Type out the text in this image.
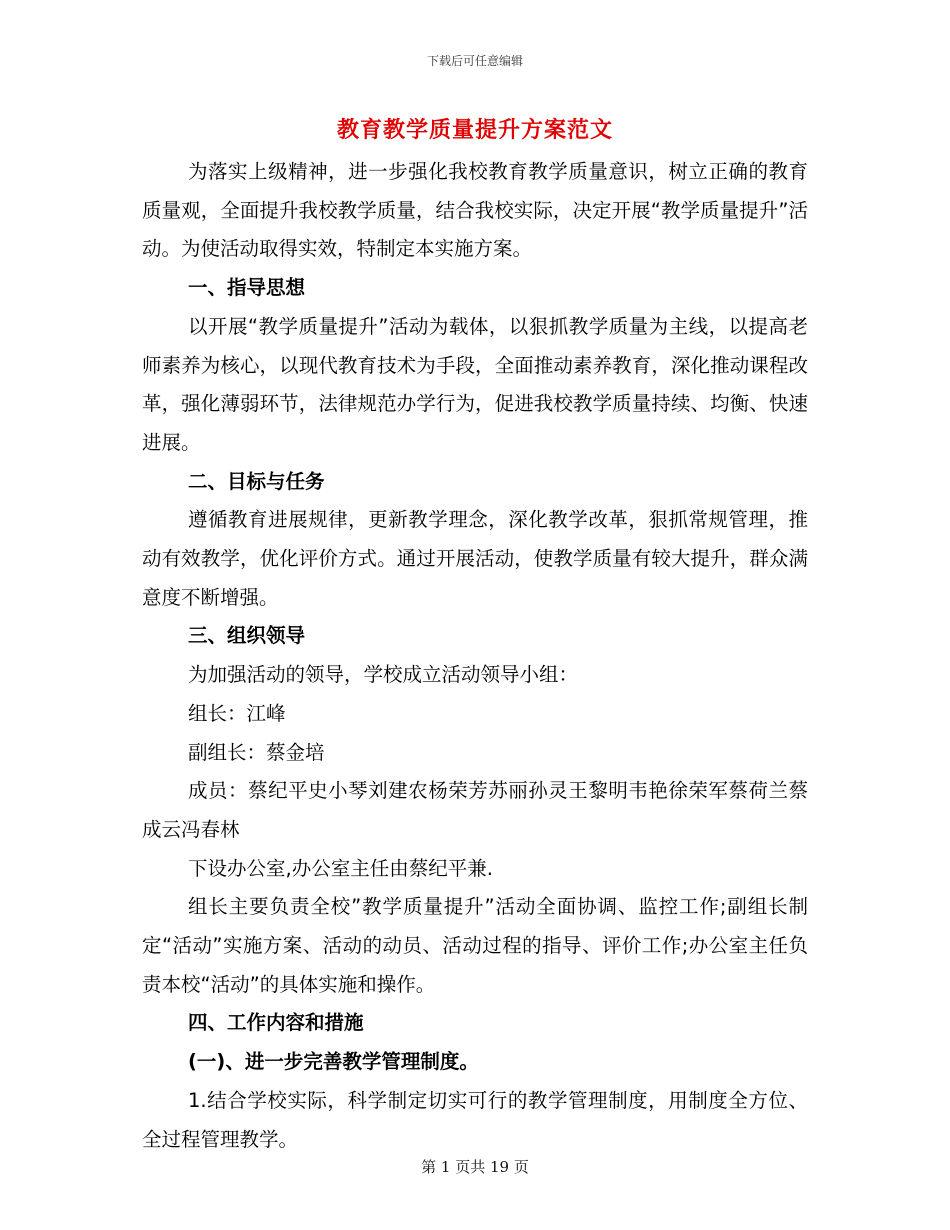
下载后可任意编辑
教育教学质量提升方案范文

为落实上级精神，进一步强化我校教育教学质量意识，树立正确的教育质量观，全面提升我校教学质量，结合我校实际，决定开展“教学质量提升”活动。为使活动取得实效，特制定本实施方案。

一、指导思想

以开展“教学质量提升”活动为载体，以狠抓教学质量为主线，以提高老师素养为核心，以现代教育技术为手段，全面推动素养教育，深化推动课程改革，强化薄弱环节，法律规范办学行为，促进我校教学质量持续、均衡、快速进展。

二、目标与任务

遵循教育进展规律，更新教学理念，深化教学改革，狠抓常规管理，推动有效教学，优化评价方式。通过开展活动，使教学质量有较大提升，群众满意度不断增强。

三、组织领导

为加强活动的领导，学校成立活动领导小组：

组长：江峰

副组长：蔡金培

成员：蔡纪平史小琴刘建农杨荣芳苏丽孙灵王黎明韦艳徐荣军蔡荷兰蔡成云冯春林

下设办公室,办公室主任由蔡纪平兼.

组长主要负责全校”教学质量提升”活动全面协调、监控工作;副组长制定“活动”实施方案、活动的动员、活动过程的指导、评价工作;办公室主任负责本校“活动”的具体实施和操作。

四、工作内容和措施

(一)、进一步完善教学管理制度。

1.结合学校实际，科学制定切实可行的教学管理制度，用制度全方位、全过程管理教学。

第 1 页共 19 页
